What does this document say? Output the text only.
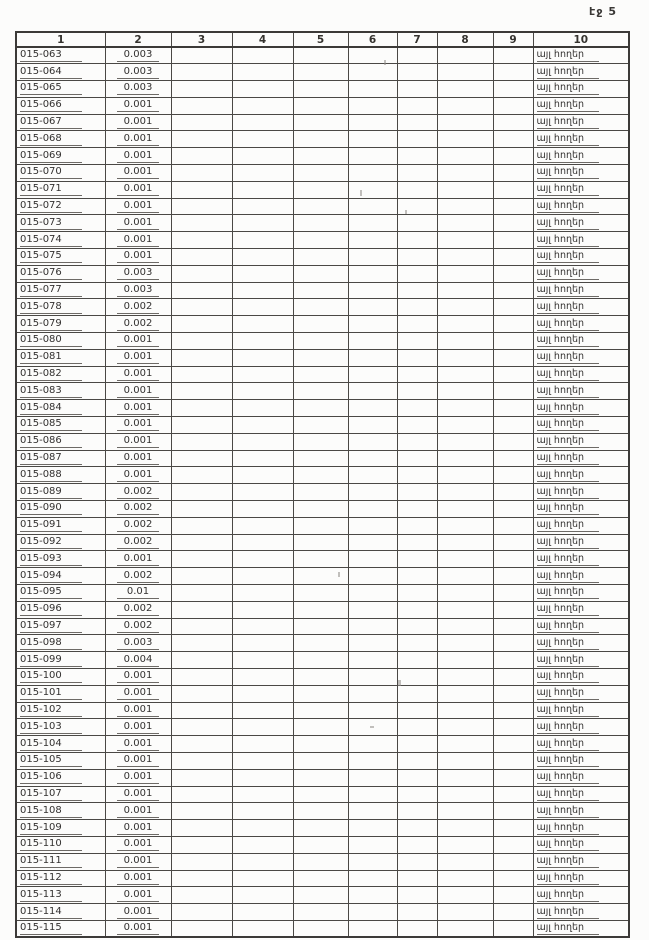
էջ 5
1	2	3	4	5	6	7	8	9	10
015-063	0.003								այլ հողեր
015-064	0.003								այլ հողեր
015-065	0.003								այլ հողեր
015-066	0.001								այլ հողեր
015-067	0.001								այլ հողեր
015-068	0.001								այլ հողեր
015-069	0.001								այլ հողեր
015-070	0.001								այլ հողեր
015-071	0.001								այլ հողեր
015-072	0.001								այլ հողեր
015-073	0.001								այլ հողեր
015-074	0.001								այլ հողեր
015-075	0.001								այլ հողեր
015-076	0.003								այլ հողեր
015-077	0.003								այլ հողեր
015-078	0.002								այլ հողեր
015-079	0.002								այլ հողեր
015-080	0.001								այլ հողեր
015-081	0.001								այլ հողեր
015-082	0.001								այլ հողեր
015-083	0.001								այլ հողեր
015-084	0.001								այլ հողեր
015-085	0.001								այլ հողեր
015-086	0.001								այլ հողեր
015-087	0.001								այլ հողեր
015-088	0.001								այլ հողեր
015-089	0.002								այլ հողեր
015-090	0.002								այլ հողեր
015-091	0.002								այլ հողեր
015-092	0.002								այլ հողեր
015-093	0.001								այլ հողեր
015-094	0.002								այլ հողեր
015-095	0.01								այլ հողեր
015-096	0.002								այլ հողեր
015-097	0.002								այլ հողեր
015-098	0.003								այլ հողեր
015-099	0.004								այլ հողեր
015-100	0.001								այլ հողեր
015-101	0.001								այլ հողեր
015-102	0.001								այլ հողեր
015-103	0.001								այլ հողեր
015-104	0.001								այլ հողեր
015-105	0.001								այլ հողեր
015-106	0.001								այլ հողեր
015-107	0.001								այլ հողեր
015-108	0.001								այլ հողեր
015-109	0.001								այլ հողեր
015-110	0.001								այլ հողեր
015-111	0.001								այլ հողեր
015-112	0.001								այլ հողեր
015-113	0.001								այլ հողեր
015-114	0.001								այլ հողեր
015-115	0.001								այլ հողեր
